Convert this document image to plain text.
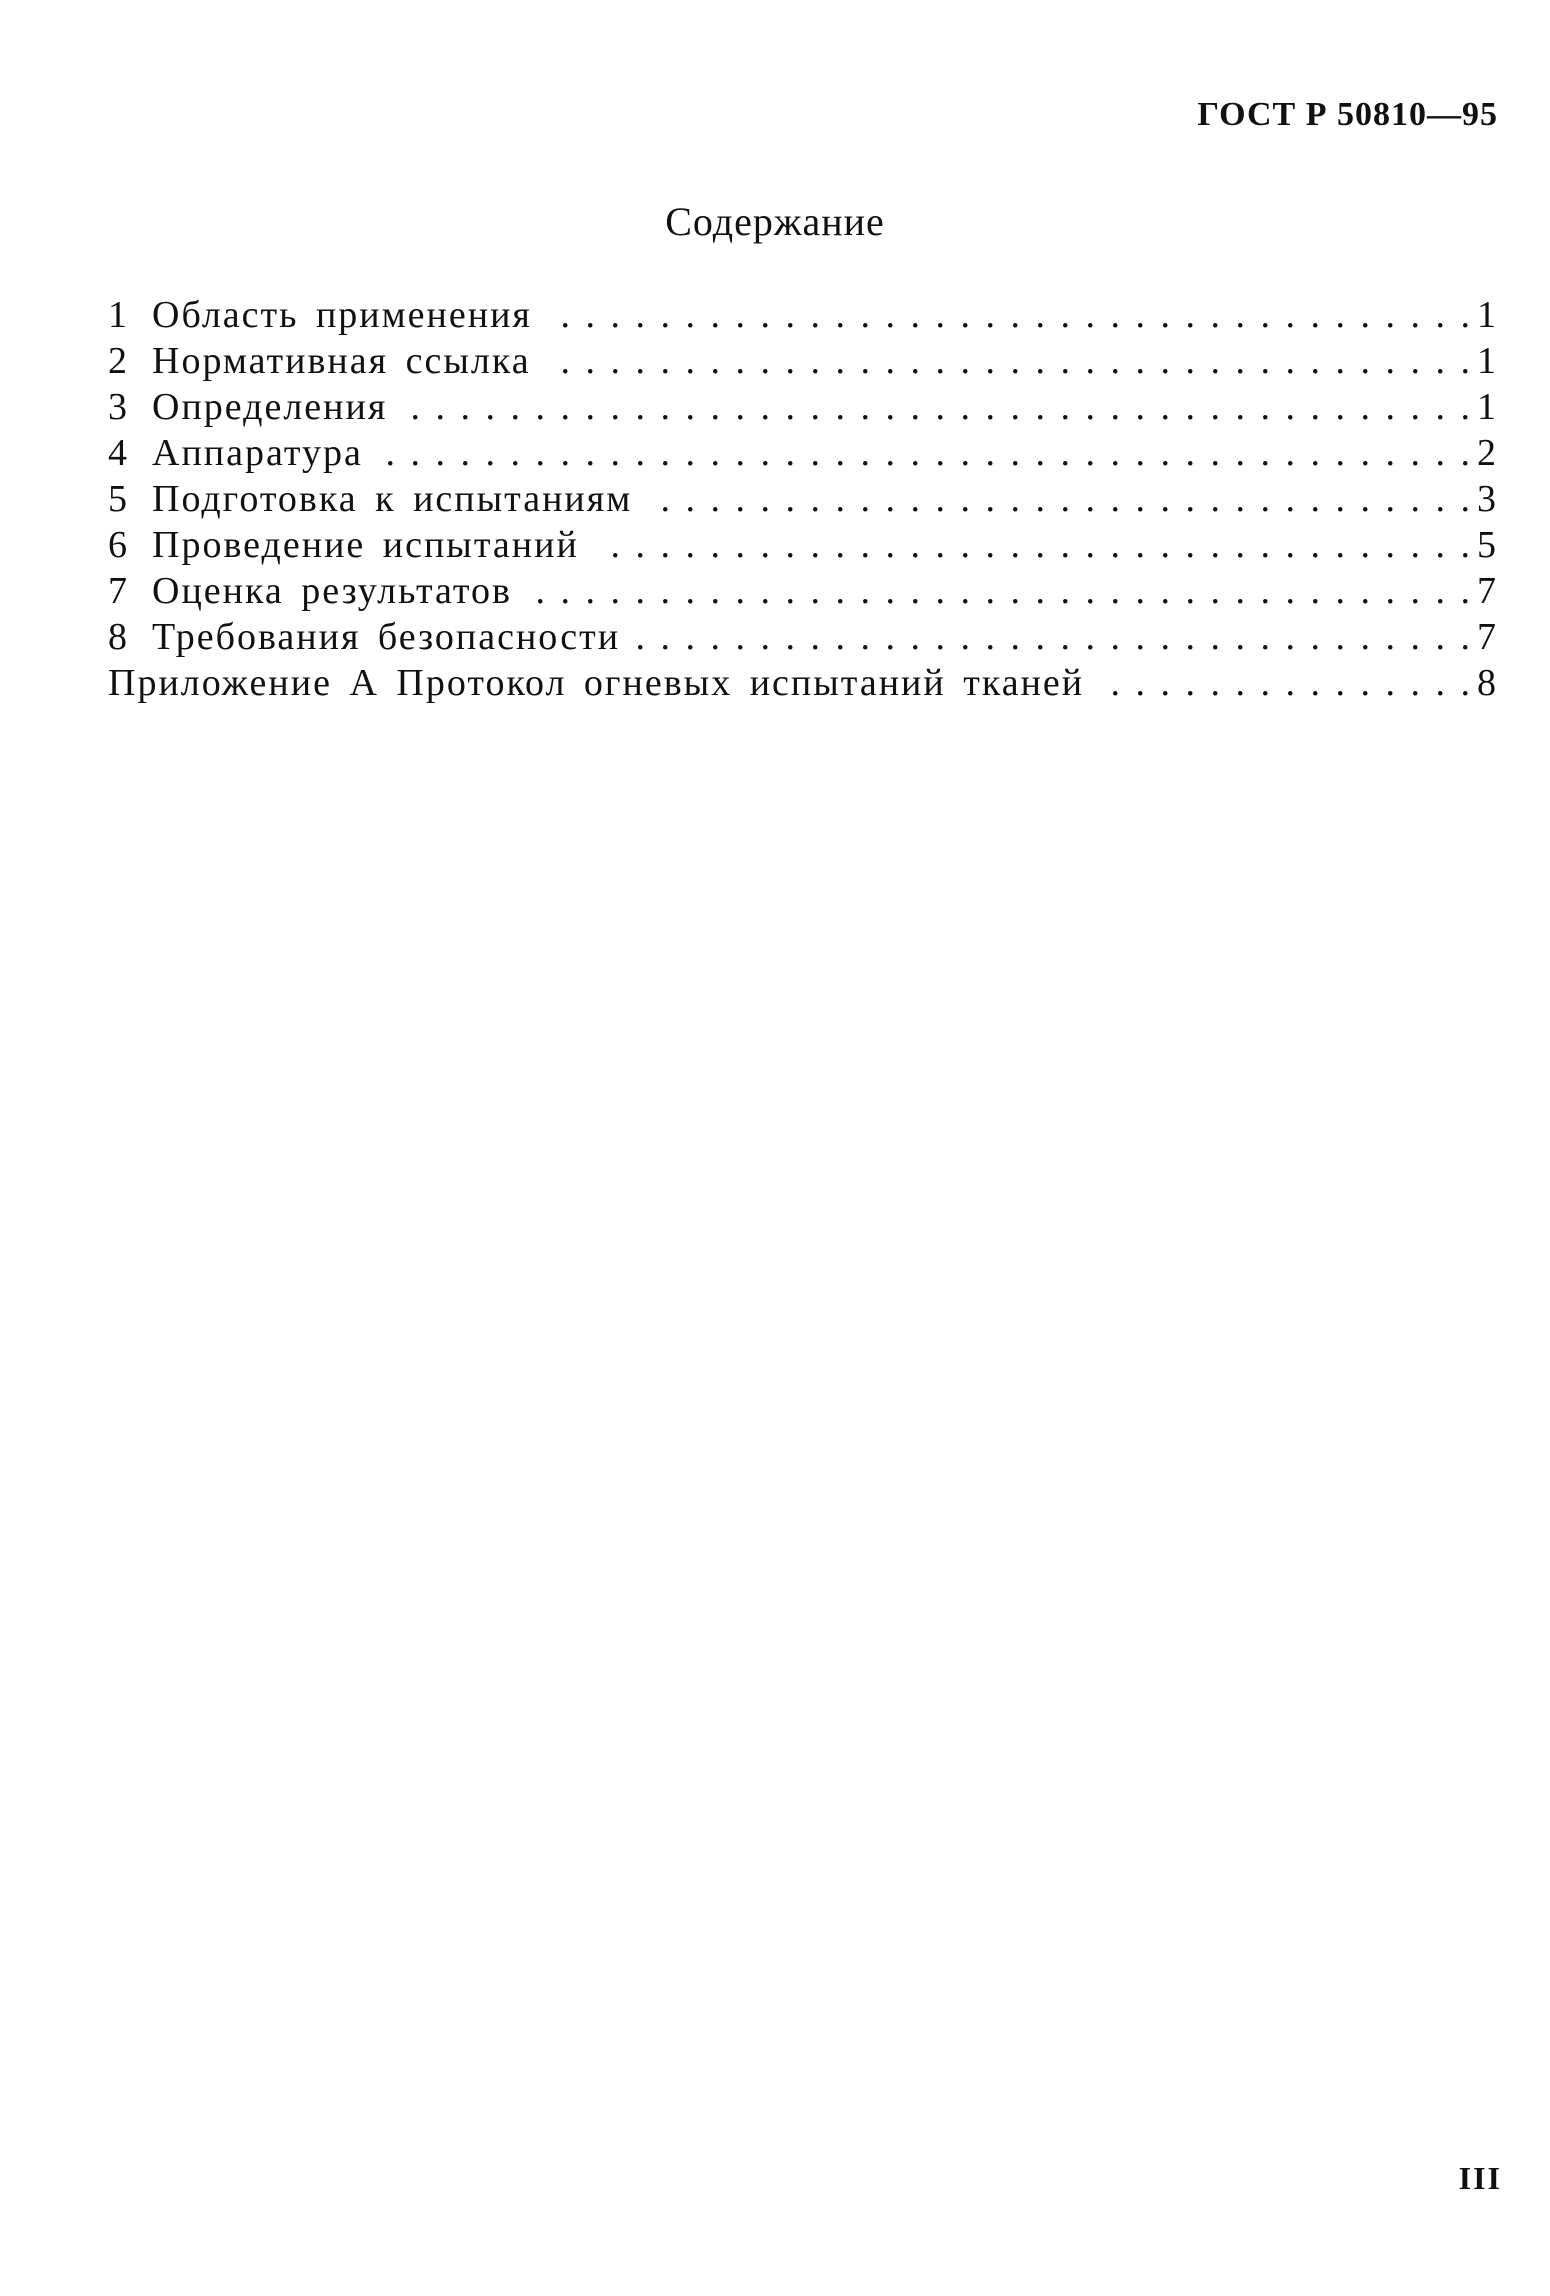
ГОСТ Р 50810—95
Содержание
1 Область применения . . .	1
2 Нормативная ссылка . . .	1
3 Определения . . .	1
4 Аппаратура . . .	2
5 Подготовка к испытаниям . . .	3
6 Проведение испытаний . . .	5
7 Оценка результатов . . .	7
8 Требования безопасности . . .	7
Приложение А Протокол огневых испытаний тканей . . .	8
III
